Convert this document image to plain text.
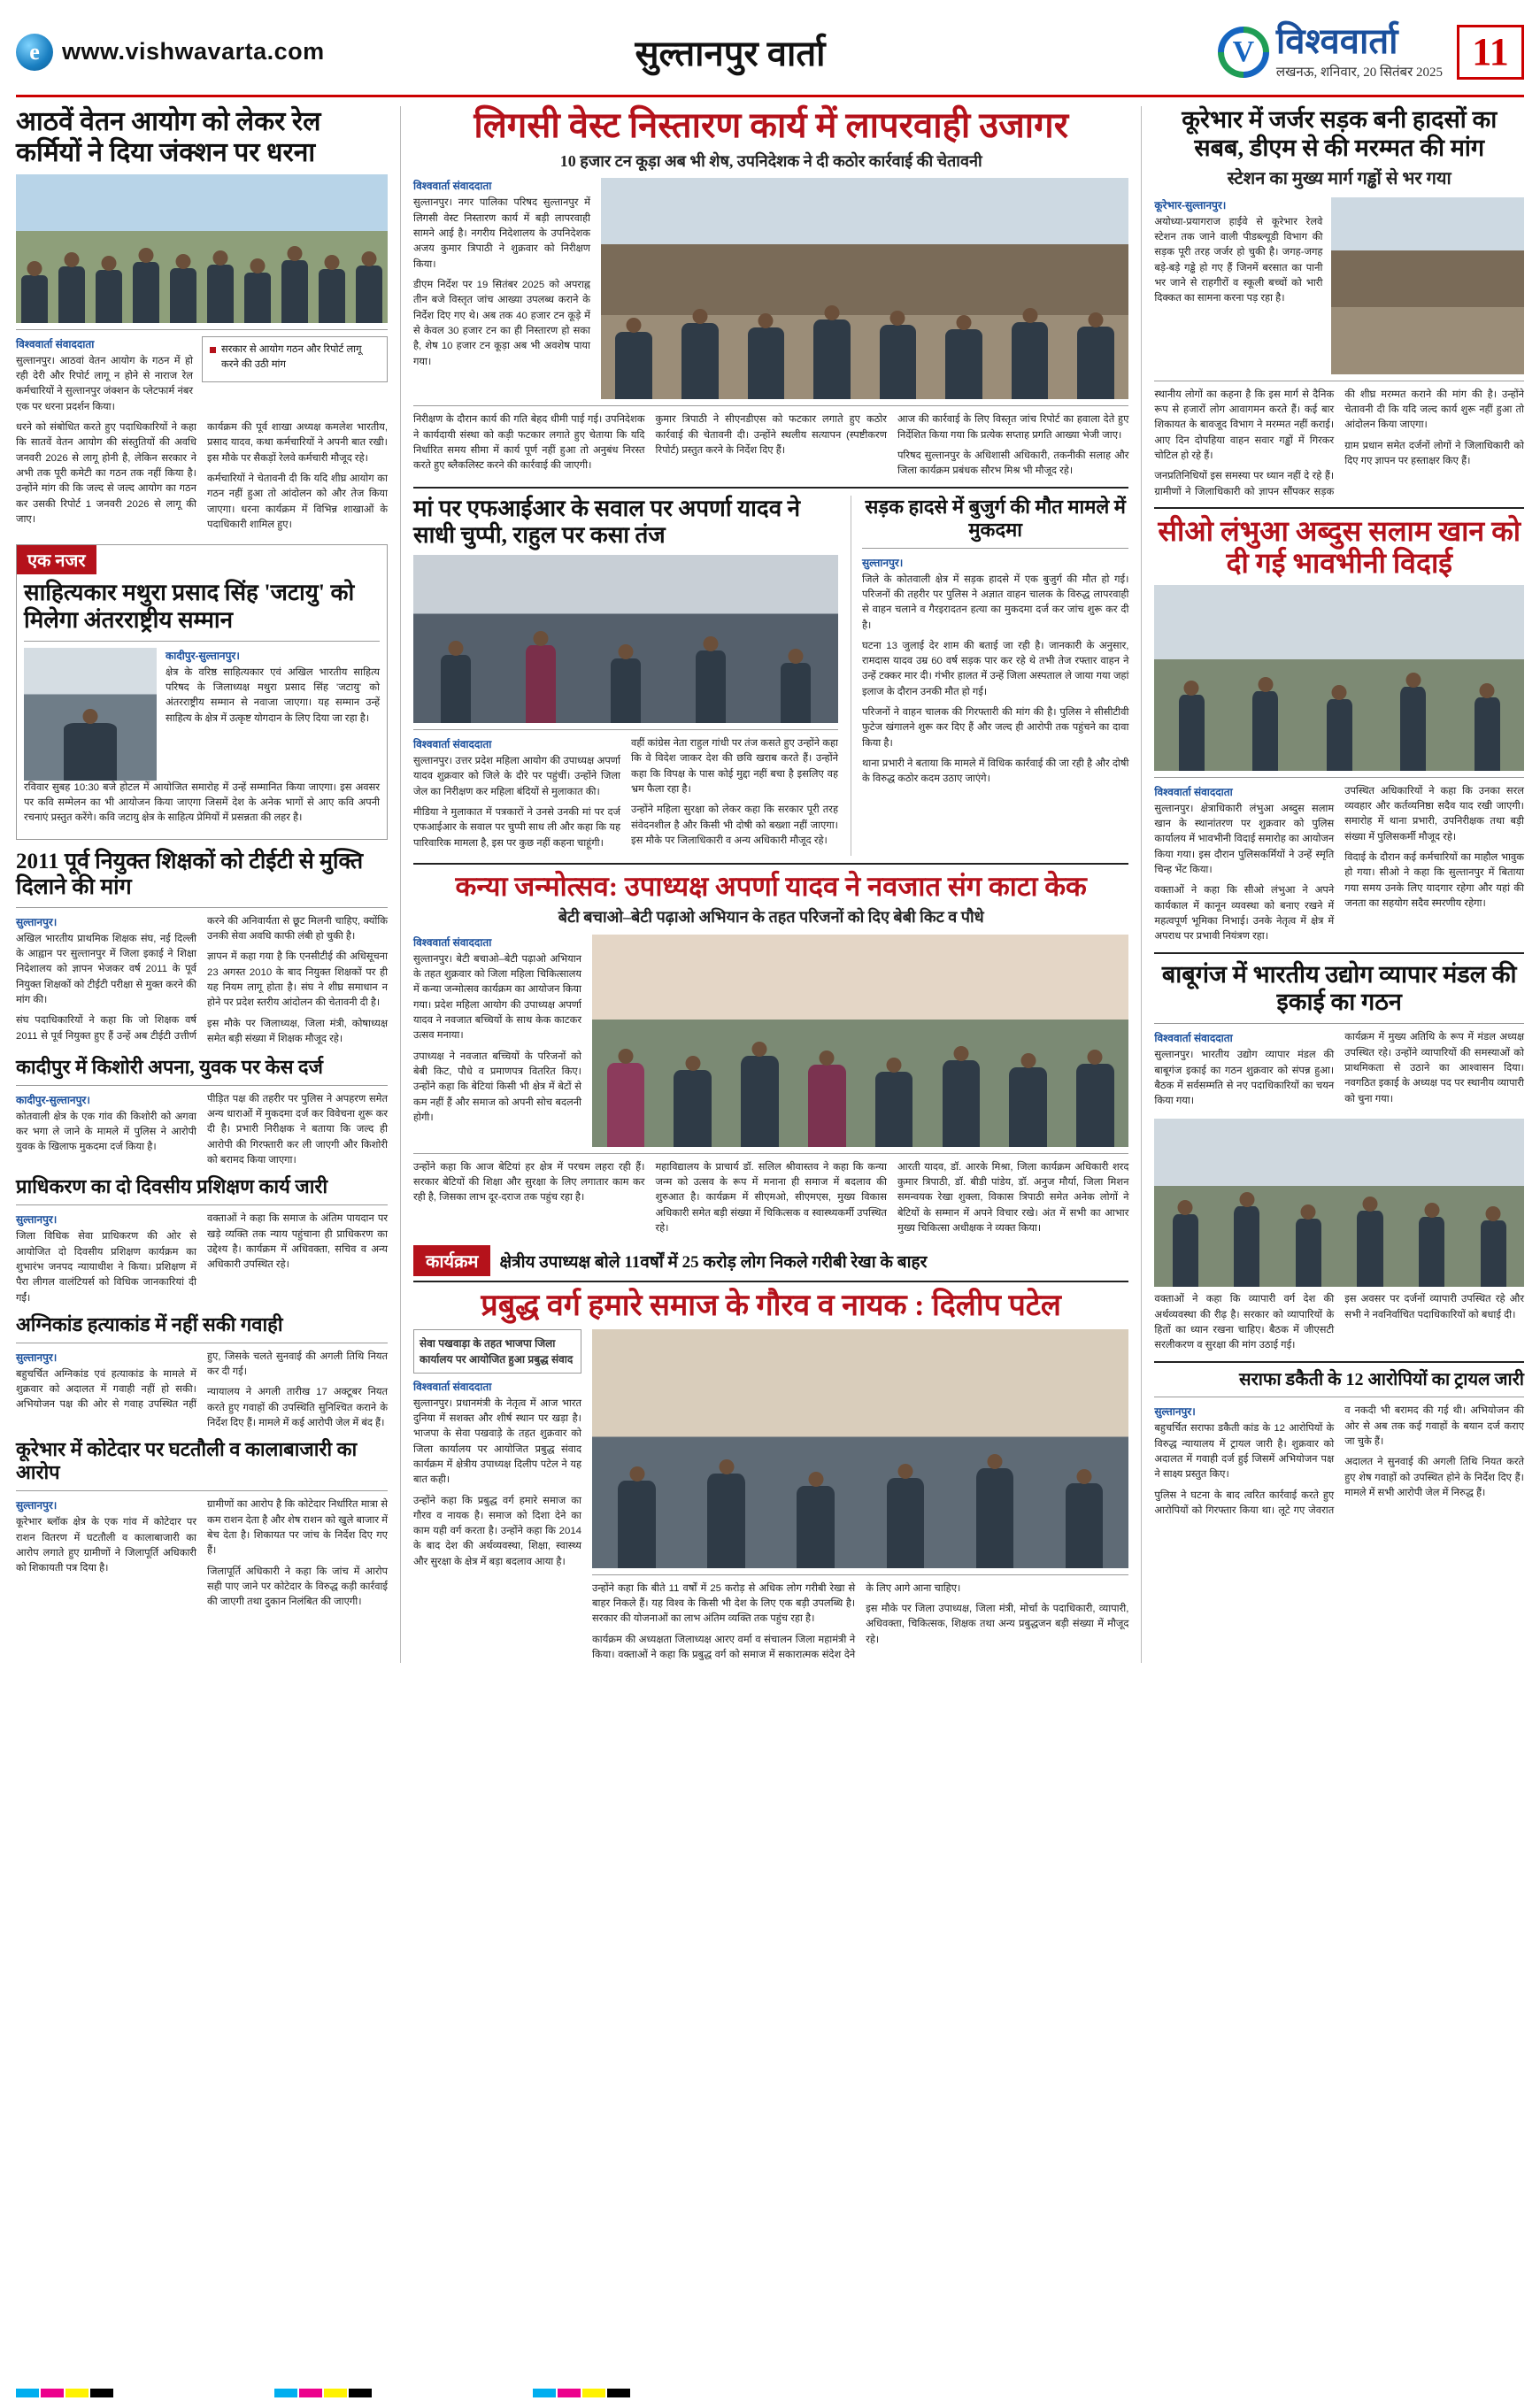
e www.vishwavarta.com	सुल्तानपुर वार्ता V	विश्ववार्ता
लखनऊ, शनिवार, 20 सितंबर 2025 11
आठवें वेतन आयोग को लेकर रेल कर्मियों ने दिया जंक्शन पर धरना
विश्ववार्ता संवाददाता

सुल्तानपुर। आठवां वेतन आयोग के गठन में हो रही देरी और रिपोर्ट लागू न होने से नाराज रेल कर्मचारियों ने सुल्तानपुर जंक्शन के प्लेटफार्म नंबर एक पर धरना प्रदर्शन किया।

सरकार से आयोग गठन और रिपोर्ट लागू करने की उठी मांग

धरने को संबोधित करते हुए पदाधिकारियों ने कहा कि सातवें वेतन आयोग की संस्तुतियों की अवधि जनवरी 2026 से लागू होनी है, लेकिन सरकार ने अभी तक पूरी कमेटी का गठन तक नहीं किया है। उन्होंने मांग की कि जल्द से जल्द आयोग का गठन कर उसकी रिपोर्ट 1 जनवरी 2026 से लागू की जाए।

कार्यक्रम की पूर्व शाखा अध्यक्ष कमलेश भारतीय, प्रसाद यादव, कथा कर्मचारियों ने अपनी बात रखी। इस मौके पर सैकड़ों रेलवे कर्मचारी मौजूद रहे।

कर्मचारियों ने चेतावनी दी कि यदि शीघ्र आयोग का गठन नहीं हुआ तो आंदोलन को और तेज किया जाएगा। धरना कार्यक्रम में विभिन्न शाखाओं के पदाधिकारी शामिल हुए।

एक नजर
साहित्यकार मथुरा प्रसाद सिंह 'जटायु' को मिलेगा अंतरराष्ट्रीय सम्मान
कादीपुर-सुल्तानपुर।

क्षेत्र के वरिष्ठ साहित्यकार एवं अखिल भारतीय साहित्य परिषद के जिलाध्यक्ष मथुरा प्रसाद सिंह 'जटायु' को अंतरराष्ट्रीय सम्मान से नवाजा जाएगा। यह सम्मान उन्हें साहित्य के क्षेत्र में उत्कृष्ट योगदान के लिए दिया जा रहा है।

रविवार सुबह 10:30 बजे होटल में आयोजित समारोह में उन्हें सम्मानित किया जाएगा। इस अवसर पर कवि सम्मेलन का भी आयोजन किया जाएगा जिसमें देश के अनेक भागों से आए कवि अपनी रचनाएं प्रस्तुत करेंगे। कवि जटायु क्षेत्र के साहित्य प्रेमियों में प्रसन्नता की लहर है।

2011 पूर्व नियुक्त शिक्षकों को टीईटी से मुक्ति दिलाने की मांग
सुल्तानपुर।

अखिल भारतीय प्राथमिक शिक्षक संघ, नई दिल्ली के आह्वान पर सुल्तानपुर में जिला इकाई ने शिक्षा निदेशालय को ज्ञापन भेजकर वर्ष 2011 के पूर्व नियुक्त शिक्षकों को टीईटी परीक्षा से मुक्त करने की मांग की।

संघ पदाधिकारियों ने कहा कि जो शिक्षक वर्ष 2011 से पूर्व नियुक्त हुए हैं उन्हें अब टीईटी उत्तीर्ण करने की अनिवार्यता से छूट मिलनी चाहिए, क्योंकि उनकी सेवा अवधि काफी लंबी हो चुकी है।

ज्ञापन में कहा गया है कि एनसीटीई की अधिसूचना 23 अगस्त 2010 के बाद नियुक्त शिक्षकों पर ही यह नियम लागू होता है। संघ ने शीघ्र समाधान न होने पर प्रदेश स्तरीय आंदोलन की चेतावनी दी है।

इस मौके पर जिलाध्यक्ष, जिला मंत्री, कोषाध्यक्ष समेत बड़ी संख्या में शिक्षक मौजूद रहे।

कादीपुर में किशोरी अपना, युवक पर केस दर्ज
कादीपुर-सुल्तानपुर।

कोतवाली क्षेत्र के एक गांव की किशोरी को अगवा कर भगा ले जाने के मामले में पुलिस ने आरोपी युवक के खिलाफ मुकदमा दर्ज किया है।

पीड़ित पक्ष की तहरीर पर पुलिस ने अपहरण समेत अन्य धाराओं में मुकदमा दर्ज कर विवेचना शुरू कर दी है। प्रभारी निरीक्षक ने बताया कि जल्द ही आरोपी की गिरफ्तारी कर ली जाएगी और किशोरी को बरामद किया जाएगा।

प्राधिकरण का दो दिवसीय प्रशिक्षण कार्य जारी
सुल्तानपुर।

जिला विधिक सेवा प्राधिकरण की ओर से आयोजित दो दिवसीय प्रशिक्षण कार्यक्रम का शुभारंभ जनपद न्यायाधीश ने किया। प्रशिक्षण में पैरा लीगल वालंटियर्स को विधिक जानकारियां दी गईं।

वक्ताओं ने कहा कि समाज के अंतिम पायदान पर खड़े व्यक्ति तक न्याय पहुंचाना ही प्राधिकरण का उद्देश्य है। कार्यक्रम में अधिवक्ता, सचिव व अन्य अधिकारी उपस्थित रहे।

अग्निकांड हत्याकांड में नहीं सकी गवाही
सुल्तानपुर।

बहुचर्चित अग्निकांड एवं हत्याकांड के मामले में शुक्रवार को अदालत में गवाही नहीं हो सकी। अभियोजन पक्ष की ओर से गवाह उपस्थित नहीं हुए, जिसके चलते सुनवाई की अगली तिथि नियत कर दी गई।

न्यायालय ने अगली तारीख 17 अक्टूबर नियत करते हुए गवाहों की उपस्थिति सुनिश्चित कराने के निर्देश दिए हैं। मामले में कई आरोपी जेल में बंद हैं।

कूरेभार में कोटेदार पर घटतौली व कालाबाजारी का आरोप
सुल्तानपुर।

कूरेभार ब्लॉक क्षेत्र के एक गांव में कोटेदार पर राशन वितरण में घटतौली व कालाबाजारी का आरोप लगाते हुए ग्रामीणों ने जिलापूर्ति अधिकारी को शिकायती पत्र दिया है।

ग्रामीणों का आरोप है कि कोटेदार निर्धारित मात्रा से कम राशन देता है और शेष राशन को खुले बाजार में बेच देता है। शिकायत पर जांच के निर्देश दिए गए हैं।

जिलापूर्ति अधिकारी ने कहा कि जांच में आरोप सही पाए जाने पर कोटेदार के विरुद्ध कड़ी कार्रवाई की जाएगी तथा दुकान निलंबित की जाएगी।

लिगसी वेस्ट निस्तारण कार्य में लापरवाही उजागर
10 हजार टन कूड़ा अब भी शेष, उपनिदेशक ने दी कठोर कार्रवाई की चेतावनी
विश्ववार्ता संवाददाता

सुल्तानपुर। नगर पालिका परिषद सुल्तानपुर में लिगसी वेस्ट निस्तारण कार्य में बड़ी लापरवाही सामने आई है। नगरीय निदेशालय के उपनिदेशक अजय कुमार त्रिपाठी ने शुक्रवार को निरीक्षण किया।

डीएम निर्देश पर 19 सितंबर 2025 को अपराह्न तीन बजे विस्तृत जांच आख्या उपलब्ध कराने के निर्देश दिए गए थे। अब तक 40 हजार टन कूड़े में से केवल 30 हजार टन का ही निस्तारण हो सका है, शेष 10 हजार टन कूड़ा अब भी अवशेष पाया गया।

निरीक्षण के दौरान कार्य की गति बेहद धीमी पाई गई। उपनिदेशक ने कार्यदायी संस्था को कड़ी फटकार लगाते हुए चेताया कि यदि निर्धारित समय सीमा में कार्य पूर्ण नहीं हुआ तो अनुबंध निरस्त करते हुए ब्लैकलिस्ट करने की कार्रवाई की जाएगी।

कुमार त्रिपाठी ने सीएनडीएस को फटकार लगाते हुए कठोर कार्रवाई की चेतावनी दी। उन्होंने स्थलीय सत्यापन (स्पष्टीकरण रिपोर्ट) प्रस्तुत करने के निर्देश दिए हैं।

आज की कार्रवाई के लिए विस्तृत जांच रिपोर्ट का हवाला देते हुए निर्देशित किया गया कि प्रत्येक सप्ताह प्रगति आख्या भेजी जाए।

परिषद सुल्तानपुर के अधिशासी अधिकारी, तकनीकी सलाह और जिला कार्यक्रम प्रबंधक सौरभ मिश्र भी मौजूद रहे।

मां पर एफआईआर के सवाल पर अपर्णा यादव ने साधी चुप्पी, राहुल पर कसा तंज
विश्ववार्ता संवाददाता

सुल्तानपुर। उत्तर प्रदेश महिला आयोग की उपाध्यक्ष अपर्णा यादव शुक्रवार को जिले के दौरे पर पहुंचीं। उन्होंने जिला जेल का निरीक्षण कर महिला बंदियों से मुलाकात की।

मीडिया ने मुलाकात में पत्रकारों ने उनसे उनकी मां पर दर्ज एफआईआर के सवाल पर चुप्पी साध ली और कहा कि यह पारिवारिक मामला है, इस पर कुछ नहीं कहना चाहूंगी।

वहीं कांग्रेस नेता राहुल गांधी पर तंज कसते हुए उन्होंने कहा कि वे विदेश जाकर देश की छवि खराब करते हैं। उन्होंने कहा कि विपक्ष के पास कोई मुद्दा नहीं बचा है इसलिए वह भ्रम फैला रहा है।

उन्होंने महिला सुरक्षा को लेकर कहा कि सरकार पूरी तरह संवेदनशील है और किसी भी दोषी को बख्शा नहीं जाएगा। इस मौके पर जिलाधिकारी व अन्य अधिकारी मौजूद रहे।

सड़क हादसे में बुजुर्ग की मौत मामले में मुकदमा
सुल्तानपुर।

जिले के कोतवाली क्षेत्र में सड़क हादसे में एक बुजुर्ग की मौत हो गई। परिजनों की तहरीर पर पुलिस ने अज्ञात वाहन चालक के विरुद्ध लापरवाही से वाहन चलाने व गैरइरादतन हत्या का मुकदमा दर्ज कर जांच शुरू कर दी है।

घटना 13 जुलाई देर शाम की बताई जा रही है। जानकारी के अनुसार, रामदास यादव उम्र 60 वर्ष सड़क पार कर रहे थे तभी तेज रफ्तार वाहन ने उन्हें टक्कर मार दी। गंभीर हालत में उन्हें जिला अस्पताल ले जाया गया जहां इलाज के दौरान उनकी मौत हो गई।

परिजनों ने वाहन चालक की गिरफ्तारी की मांग की है। पुलिस ने सीसीटीवी फुटेज खंगालने शुरू कर दिए हैं और जल्द ही आरोपी तक पहुंचने का दावा किया है।

थाना प्रभारी ने बताया कि मामले में विधिक कार्रवाई की जा रही है और दोषी के विरुद्ध कठोर कदम उठाए जाएंगे।

कन्या जन्मोत्सव: उपाध्यक्ष अपर्णा यादव ने नवजात संग काटा केक
बेटी बचाओ–बेटी पढ़ाओ अभियान के तहत परिजनों को दिए बेबी किट व पौधे
विश्ववार्ता संवाददाता

सुल्तानपुर। बेटी बचाओ–बेटी पढ़ाओ अभियान के तहत शुक्रवार को जिला महिला चिकित्सालय में कन्या जन्मोत्सव कार्यक्रम का आयोजन किया गया। प्रदेश महिला आयोग की उपाध्यक्ष अपर्णा यादव ने नवजात बच्चियों के साथ केक काटकर उत्सव मनाया।

उपाध्यक्ष ने नवजात बच्चियों के परिजनों को बेबी किट, पौधे व प्रमाणपत्र वितरित किए। उन्होंने कहा कि बेटियां किसी भी क्षेत्र में बेटों से कम नहीं हैं और समाज को अपनी सोच बदलनी होगी।

उन्होंने कहा कि आज बेटियां हर क्षेत्र में परचम लहरा रही हैं। सरकार बेटियों की शिक्षा और सुरक्षा के लिए लगातार काम कर रही है, जिसका लाभ दूर-दराज तक पहुंच रहा है।

महाविद्यालय के प्राचार्य डॉ. सलिल श्रीवास्तव ने कहा कि कन्या जन्म को उत्सव के रूप में मनाना ही समाज में बदलाव की शुरुआत है। कार्यक्रम में सीएमओ, सीएमएस, मुख्य विकास अधिकारी समेत बड़ी संख्या में चिकित्सक व स्वास्थ्यकर्मी उपस्थित रहे।

आरती यादव, डॉ. आरके मिश्रा, जिला कार्यक्रम अधिकारी शरद कुमार त्रिपाठी, डॉ. बीडी पांडेय, डॉ. अनुज मौर्या, जिला मिशन समन्वयक रेखा शुक्ला, विकास त्रिपाठी समेत अनेक लोगों ने बेटियों के सम्मान में अपने विचार रखे। अंत में सभी का आभार मुख्य चिकित्सा अधीक्षक ने व्यक्त किया।

कार्यक्रम	क्षेत्रीय उपाध्यक्ष बोले 11वर्षों में 25 करोड़ लोग निकले गरीबी रेखा के बाहर
प्रबुद्ध वर्ग हमारे समाज के गौरव व नायक : दिलीप पटेल
सेवा पखवाड़ा के तहत भाजपा जिला कार्यालय पर आयोजित हुआ प्रबुद्ध संवाद
विश्ववार्ता संवाददाता

सुल्तानपुर। प्रधानमंत्री के नेतृत्व में आज भारत दुनिया में सशक्त और शीर्ष स्थान पर खड़ा है। भाजपा के सेवा पखवाड़े के तहत शुक्रवार को जिला कार्यालय पर आयोजित प्रबुद्ध संवाद कार्यक्रम में क्षेत्रीय उपाध्यक्ष दिलीप पटेल ने यह बात कही।

उन्होंने कहा कि प्रबुद्ध वर्ग हमारे समाज का गौरव व नायक है। समाज को दिशा देने का काम यही वर्ग करता है। उन्होंने कहा कि 2014 के बाद देश की अर्थव्यवस्था, शिक्षा, स्वास्थ्य और सुरक्षा के क्षेत्र में बड़ा बदलाव आया है।

उन्होंने कहा कि बीते 11 वर्षों में 25 करोड़ से अधिक लोग गरीबी रेखा से बाहर निकले हैं। यह विश्व के किसी भी देश के लिए एक बड़ी उपलब्धि है। सरकार की योजनाओं का लाभ अंतिम व्यक्ति तक पहुंच रहा है।

कार्यक्रम की अध्यक्षता जिलाध्यक्ष आरए वर्मा व संचालन जिला महामंत्री ने किया। वक्ताओं ने कहा कि प्रबुद्ध वर्ग को समाज में सकारात्मक संदेश देने के लिए आगे आना चाहिए।

इस मौके पर जिला उपाध्यक्ष, जिला मंत्री, मोर्चा के पदाधिकारी, व्यापारी, अधिवक्ता, चिकित्सक, शिक्षक तथा अन्य प्रबुद्धजन बड़ी संख्या में मौजूद रहे।

कूरेभार में जर्जर सड़क बनी हादसों का सबब, डीएम से की मरम्मत की मांग
स्टेशन का मुख्य मार्ग गड्ढों से भर गया
कूरेभार-सुल्तानपुर।

अयोध्या-प्रयागराज हाईवे से कूरेभार रेलवे स्टेशन तक जाने वाली पीडब्ल्यूडी विभाग की सड़क पूरी तरह जर्जर हो चुकी है। जगह-जगह बड़े-बड़े गड्ढे हो गए हैं जिनमें बरसात का पानी भर जाने से राहगीरों व स्कूली बच्चों को भारी दिक्कत का सामना करना पड़ रहा है।

स्थानीय लोगों का कहना है कि इस मार्ग से दैनिक रूप से हजारों लोग आवागमन करते हैं। कई बार शिकायत के बावजूद विभाग ने मरम्मत नहीं कराई। आए दिन दोपहिया वाहन सवार गड्ढों में गिरकर चोटिल हो रहे हैं।

जनप्रतिनिधियों इस समस्या पर ध्यान नहीं दे रहे हैं। ग्रामीणों ने जिलाधिकारी को ज्ञापन सौंपकर सड़क की शीघ्र मरम्मत कराने की मांग की है। उन्होंने चेतावनी दी कि यदि जल्द कार्य शुरू नहीं हुआ तो आंदोलन किया जाएगा।

ग्राम प्रधान समेत दर्जनों लोगों ने जिलाधिकारी को दिए गए ज्ञापन पर हस्ताक्षर किए हैं।

सीओ लंभुआ अब्दुस सलाम खान को दी गई भावभीनी विदाई
विश्ववार्ता संवाददाता

सुल्तानपुर। क्षेत्राधिकारी लंभुआ अब्दुस सलाम खान के स्थानांतरण पर शुक्रवार को पुलिस कार्यालय में भावभीनी विदाई समारोह का आयोजन किया गया। इस दौरान पुलिसकर्मियों ने उन्हें स्मृति चिन्ह भेंट किया।

वक्ताओं ने कहा कि सीओ लंभुआ ने अपने कार्यकाल में कानून व्यवस्था को बनाए रखने में महत्वपूर्ण भूमिका निभाई। उनके नेतृत्व में क्षेत्र में अपराध पर प्रभावी नियंत्रण रहा।

उपस्थित अधिकारियों ने कहा कि उनका सरल व्यवहार और कर्तव्यनिष्ठा सदैव याद रखी जाएगी। समारोह में थाना प्रभारी, उपनिरीक्षक तथा बड़ी संख्या में पुलिसकर्मी मौजूद रहे।

विदाई के दौरान कई कर्मचारियों का माहौल भावुक हो गया। सीओ ने कहा कि सुल्तानपुर में बिताया गया समय उनके लिए यादगार रहेगा और यहां की जनता का सहयोग सदैव स्मरणीय रहेगा।

बाबूगंज में भारतीय उद्योग व्यापार मंडल की इकाई का गठन
विश्ववार्ता संवाददाता

सुल्तानपुर। भारतीय उद्योग व्यापार मंडल की बाबूगंज इकाई का गठन शुक्रवार को संपन्न हुआ। बैठक में सर्वसम्मति से नए पदाधिकारियों का चयन किया गया।

कार्यक्रम में मुख्य अतिथि के रूप में मंडल अध्यक्ष उपस्थित रहे। उन्होंने व्यापारियों की समस्याओं को प्राथमिकता से उठाने का आश्वासन दिया। नवगठित इकाई के अध्यक्ष पद पर स्थानीय व्यापारी को चुना गया।

वक्ताओं ने कहा कि व्यापारी वर्ग देश की अर्थव्यवस्था की रीढ़ है। सरकार को व्यापारियों के हितों का ध्यान रखना चाहिए। बैठक में जीएसटी सरलीकरण व सुरक्षा की मांग उठाई गई।

इस अवसर पर दर्जनों व्यापारी उपस्थित रहे और सभी ने नवनिर्वाचित पदाधिकारियों को बधाई दी।

सराफा डकैती के 12 आरोपियों का ट्रायल जारी
सुल्तानपुर।

बहुचर्चित सराफा डकैती कांड के 12 आरोपियों के विरुद्ध न्यायालय में ट्रायल जारी है। शुक्रवार को अदालत में गवाही दर्ज हुई जिसमें अभियोजन पक्ष ने साक्ष्य प्रस्तुत किए।

पुलिस ने घटना के बाद त्वरित कार्रवाई करते हुए आरोपियों को गिरफ्तार किया था। लूटे गए जेवरात व नकदी भी बरामद की गई थी। अभियोजन की ओर से अब तक कई गवाहों के बयान दर्ज कराए जा चुके हैं।

अदालत ने सुनवाई की अगली तिथि नियत करते हुए शेष गवाहों को उपस्थित होने के निर्देश दिए हैं। मामले में सभी आरोपी जेल में निरुद्ध हैं।
